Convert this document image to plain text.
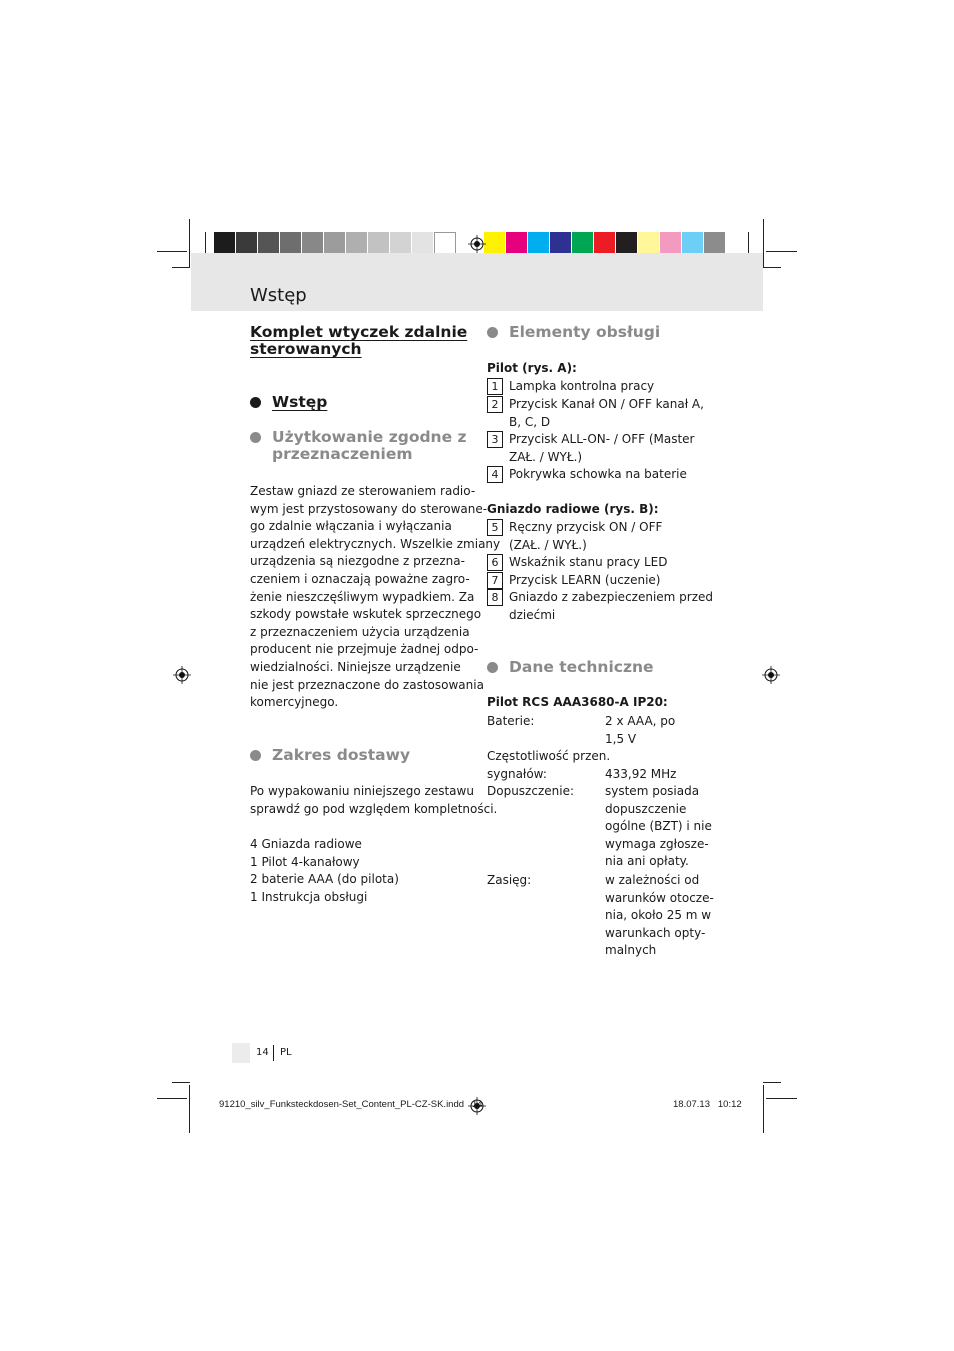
Wstęp
Komplet wtyczek zdalnie
sterowanych
Wstęp
Użytkowanie zgodne z
przeznaczeniem
Zestaw gniazd ze sterowaniem radio-
wym jest przystosowany do sterowane-
go zdalnie włączania i wyłączania
urządzeń elektrycznych. Wszelkie zmiany
urządzenia są niezgodne z przezna-
czeniem i oznaczają poważne zagro-
żenie nieszczęśliwym wypadkiem. Za
szkody powstałe wskutek sprzecznego
z przeznaczeniem użycia urządzenia
producent nie przejmuje żadnej odpo-
wiedzialności. Niniejsze urządzenie
nie jest przeznaczone do zastosowania
komercyjnego.
Zakres dostawy
Po wypakowaniu niniejszego zestawu
sprawdź go pod względem kompletności.
4 Gniazda radiowe
1 Pilot 4-kanałowy
2 baterie AAA (do pilota)
1 Instrukcja obsługi
Elementy obsługi
Pilot (rys. A):
1 Lampka kontrolna pracy
2 Przycisk Kanał ON / OFF kanał A,
B, C, D
3 Przycisk ALL-ON- / OFF (Master
ZAŁ. / WYŁ.)
4 Pokrywka schowka na baterie
Gniazdo radiowe (rys. B):
5 Ręczny przycisk ON / OFF
(ZAŁ. / WYŁ.)
6 Wskaźnik stanu pracy LED
7 Przycisk LEARN (uczenie)
8 Gniazdo z zabezpieczeniem przed
dziećmi
Dane techniczne
Pilot RCS AAA3680-A IP20:
Baterie:	2 x AAA, po
1,5 V
Częstotliwość przen.
sygnałów:	433,92 MHz
Dopuszczenie:	system posiada
dopuszczenie
ogólne (BZT) i nie
wymaga zgłosze-
nia ani opłaty.
Zasięg:	w zależności od
warunków otocze-
nia, około 25 m w
warunkach opty-
malnych
14 PL
91210_silv_Funksteckdosen-Set_Content_PL-CZ-SK.indd   14	18.07.13   10:12
